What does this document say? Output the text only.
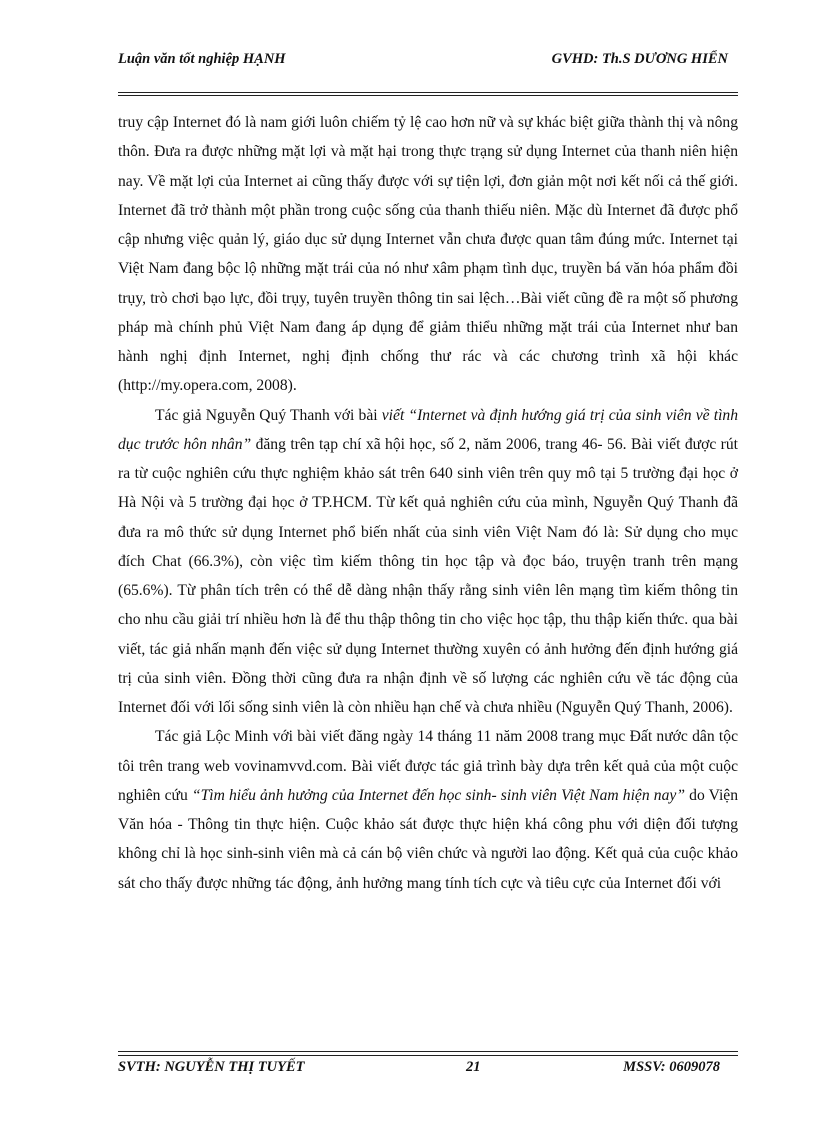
Luận văn tốt nghiệp HẠNH	GVHD: Th.S DƯƠNG HIỂN

truy cập Internet đó là nam giới luôn chiếm tỷ lệ cao hơn nữ và sự khác biệt giữa thành thị và nông thôn. Đưa ra được những mặt lợi và mặt hại trong thực trạng sử dụng Internet của thanh niên hiện nay. Về mặt lợi của Internet ai cũng thấy được với sự tiện lợi, đơn giản một nơi kết nối cả thế giới. Internet đã trở thành một phần trong cuộc sống của thanh thiếu niên. Mặc dù Internet đã được phổ cập nhưng việc quản lý, giáo dục sử dụng Internet vẫn chưa được quan tâm đúng mức. Internet tại Việt Nam đang bộc lộ những mặt trái của nó như xâm phạm tình dục, truyền bá văn hóa phẩm đồi trụy, trò chơi bạo lực, đồi trụy, tuyên truyền thông tin sai lệch…Bài viết cũng đề ra một số phương pháp mà chính phủ Việt Nam đang áp dụng để giảm thiểu những mặt trái của Internet như ban hành nghị định Internet, nghị định chống thư rác và các chương trình xã hội khác (http://my.opera.com, 2008).

Tác giả Nguyễn Quý Thanh với bài viết “Internet và định hướng giá trị của sinh viên về tình dục trước hôn nhân” đăng trên tạp chí xã hội học, số 2, năm 2006, trang 46- 56. Bài viết được rút ra từ cuộc nghiên cứu thực nghiệm khảo sát trên 640 sinh viên trên quy mô tại 5 trường đại học ở Hà Nội và 5 trường đại học ở TP.HCM. Từ kết quả nghiên cứu của mình, Nguyễn Quý Thanh đã đưa ra mô thức sử dụng Internet phổ biến nhất của sinh viên Việt Nam đó là: Sử dụng cho mục đích Chat (66.3%), còn việc tìm kiếm thông tin học tập và đọc báo, truyện tranh trên mạng (65.6%). Từ phân tích trên có thể dễ dàng nhận thấy rằng sinh viên lên mạng tìm kiếm thông tin cho nhu cầu giải trí nhiều hơn là để thu thập thông tin cho việc học tập, thu thập kiến thức. qua bài viết, tác giả nhấn mạnh đến việc sử dụng Internet thường xuyên có ảnh hưởng đến định hướng giá trị của sinh viên. Đồng thời cũng đưa ra nhận định về số lượng các nghiên cứu về tác động của Internet đối với lối sống sinh viên là còn nhiều hạn chế và chưa nhiều (Nguyễn Quý Thanh, 2006).

Tác giả Lộc Minh với bài viết đăng ngày 14 tháng 11 năm 2008 trang mục Đất nước dân tộc tôi trên trang web vovinamvvd.com. Bài viết được tác giả trình bày dựa trên kết quả của một cuộc nghiên cứu “Tìm hiểu ảnh hưởng của Internet đến học sinh- sinh viên Việt Nam hiện nay” do Viện Văn hóa - Thông tin thực hiện. Cuộc khảo sát được thực hiện khá công phu với diện đối tượng không chỉ là học sinh-sinh viên mà cả cán bộ viên chức và người lao động. Kết quả của cuộc khảo sát cho thấy được những tác động, ảnh hưởng mang tính tích cực và tiêu cực của Internet đối với

SVTH: NGUYỄN THỊ TUYẾT	21	MSSV: 0609078
